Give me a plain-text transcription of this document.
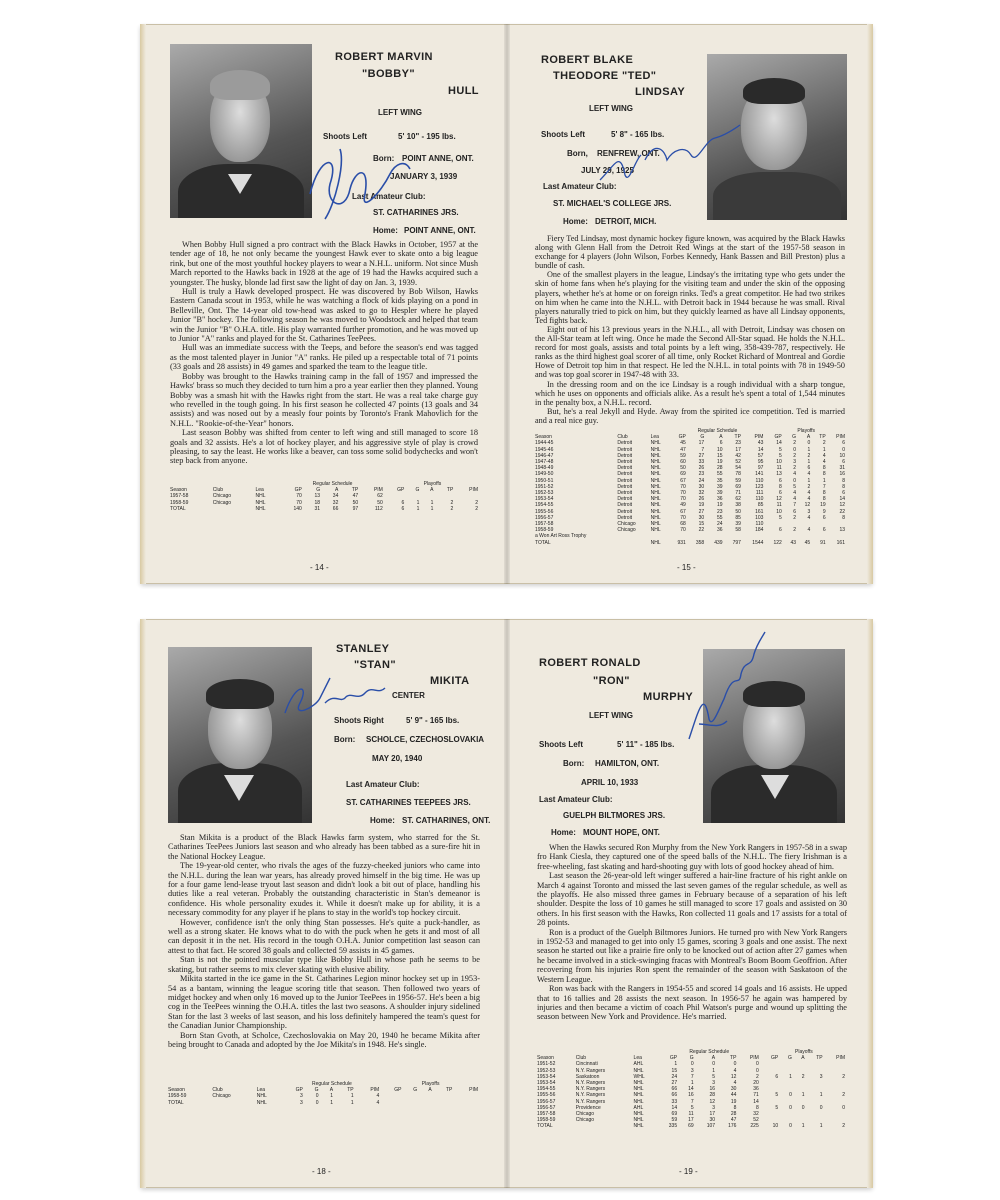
ROBERT MARVIN
"BOBBY"
HULL
LEFT WING
Shoots Left	5' 10" - 195 lbs.
Born: POINT ANNE, ONT.
JANUARY 3, 1939
Last Amateur Club:
ST. CATHARINES JRS.
Home: POINT ANNE, ONT.

When Bobby Hull signed a pro contract with the Black Hawks in October, 1957 at the tender age of 18, he not only became the youngest Hawk ever to skate onto a big league rink, but one of the most youthful hockey players to wear a N.H.L. uniform. Not since Mush March reported to the Hawks back in 1928 at the age of 19 had the Hawks acquired such a youngster. The husky, blonde lad first saw the light of day on Jan. 3, 1939.

Hull is truly a Hawk developed prospect. He was discovered by Bob Wilson, Hawks Eastern Canada scout in 1953, while he was watching a flock of kids playing on a pond in Belleville, Ont. The 14-year old tow-head was asked to go to Hespler where he played Junior "B" hockey. The following season he was moved to Woodstock and helped that team win the Junior "B" O.H.A. title. His play warranted further promotion, and he was moved up to Junior "A" ranks and played for the St. Catharines TeePees.

Hull was an immediate success with the Teeps, and before the season's end was tagged as the most talented player in Junior "A" ranks. He piled up a respectable total of 71 points (33 goals and 28 assists) in 49 games and sparked the team to the league title.

Bobby was brought to the Hawks training camp in the fall of 1957 and impressed the Hawks' brass so much they decided to turn him a pro a year earlier then they planned. Young Bobby was a smash hit with the Hawks right from the start. He was a real take charge guy who revelled in the tough going. In his first season he collected 47 points (13 goals and 34 assists) and was nosed out by a measly four points by Toronto's Frank Mahovlich for the N.H.L. "Rookie-of-the-Year" honors.

Last season Bobby was shifted from center to left wing and still managed to score 18 goals and 32 assists. He's a lot of hockey player, and his aggressive style of play is crowd pleasing, to say the least. He works like a beaver, can toss some solid bodychecks and won't step back from anyone.

			Regular Schedule					Playoffs				
Season	Club	Lea	GP	G	A	TP	PIM	GP	G	A	TP	PIM
1957-58	Chicago	NHL	70	13	34	47	62					
1958-59	Chicago	NHL	70	18	32	50	50	6	1	1	2	2
TOTAL		NHL	140	31	66	97	112	6	1	1	2	2
- 14 -
ROBERT BLAKE
THEODORE "TED"
LINDSAY
LEFT WING
Shoots Left	5' 8" - 165 lbs.
Born, RENFREW, ONT.
JULY 29, 1925
Last Amateur Club:
ST. MICHAEL'S COLLEGE JRS.
Home: DETROIT, MICH.

Fiery Ted Lindsay, most dynamic hockey figure known, was acquired by the Black Hawks along with Glenn Hall from the Detroit Red Wings at the start of the 1957-58 season in exchange for 4 players (John Wilson, Forbes Kennedy, Hank Bassen and Bill Preston) plus a bundle of cash.

One of the smallest players in the league, Lindsay's the irritating type who gets under the skin of home fans when he's playing for the visiting team and under the skin of the opposing players, whether he's at home or on foreign rinks. Ted's a great competitor. He had two strikes on him when he came into the N.H.L. with Detroit back in 1944 because he was small. Rival players naturally tried to pick on him, but they quickly learned as have all Lindsay opponents, Ted fights back.

Eight out of his 13 previous years in the N.H.L., all with Detroit, Lindsay was chosen on the All-Star team at left wing. Once he made the Second All-Star squad. He holds the N.H.L. record for most goals, assists and total points by a left wing, 358-439-787, respectively. He ranks as the third highest goal scorer of all time, only Rocket Richard of Montreal and Gordie Howe of Detroit top him in that respect. He led the N.H.L. in total points with 78 in 1949-50 and was top goal scorer in 1947-48 with 33.

In the dressing room and on the ice Lindsay is a rough individual with a sharp tongue, which he uses on opponents and officials alike. As a result he's spent a total of 1,544 minutes in the penalty box, a N.H.L. record.

But, he's a real Jekyll and Hyde. Away from the spirited ice competition. Ted is married and a real nice guy.

			Regular Schedule					Playoffs				
Season	Club	Lea	GP	G	A	TP	PIM	GP	G	A	TP	PIM
1944-45	Detroit	NHL	45	17	6	23	43	14	2	0	2	6
1945-46	Detroit	NHL	47	7	10	17	14	5	0	1	1	0
1946-47	Detroit	NHL	59	27	15	42	57	5	2	2	4	10
1947-48	Detroit	NHL	60	33	19	52	95	10	3	1	4	6
1948-49	Detroit	NHL	50	26	28	54	97	11	2	6	8	31
1949-50	Detroit	NHL	69	23	55	78	141	13	4	4	8	16
1950-51	Detroit	NHL	67	24	35	59	110	6	0	1	1	8
1951-52	Detroit	NHL	70	30	39	69	123	8	5	2	7	8
1952-53	Detroit	NHL	70	32	39	71	111	6	4	4	8	6
1953-54	Detroit	NHL	70	26	36	62	110	12	4	4	8	14
1954-55	Detroit	NHL	49	19	19	38	85	11	7	12	19	12
1955-56	Detroit	NHL	67	27	23	50	161	10	6	3	9	22
1956-57	Detroit	NHL	70	30	55	85	103	5	2	4	6	8
1957-58	Chicago	NHL	68	15	24	39	110					
1958-59	Chicago	NHL	70	22	36	58	184	6	2	4	6	13
a Won Art Ross Trophy												
TOTAL		NHL	931	358	439	797	1544	122	43	45	91	161
- 15 -
STANLEY
"STAN"
MIKITA
CENTER
Shoots Right	5' 9" - 165 lbs.
Born: SCHOLCE, CZECHOSLOVAKIA
MAY 20, 1940
Last Amateur Club:
ST. CATHARINES TEEPEES JRS.
Home: ST. CATHARINES, ONT.

Stan Mikita is a product of the Black Hawks farm system, who starred for the St. Catharines TeePees Juniors last season and who already has been tabbed as a sure-fire hit in the National Hockey League.

The 19-year-old center, who rivals the ages of the fuzzy-cheeked juniors who came into the N.H.L. during the lean war years, has already proved himself in the big time. He was up for a four game lend-lease tryout last season and didn't look a bit out of place, handling his duties like a real veteran. Probably the outstanding characteristic in Stan's demeanor is confidence. His whole personality exudes it. While it doesn't make up for ability, it is a necessary commodity for any player if he plans to stay in the world's top hockey circuit.

However, confidence isn't the only thing Stan possesses. He's quite a puck-handler, as well as a strong skater. He knows what to do with the puck when he gets it and most of all can deposit it in the net. His record in the tough O.H.A. Junior competition last season can attest to that fact. He scored 38 goals and collected 59 assists in 45 games.

Stan is not the pointed muscular type like Bobby Hull in whose path he seems to be skating, but rather seems to mix clever skating with elusive ability.

Mikita started in the ice game in the St. Catharines Legion minor hockey set up in 1953-54 as a bantam, winning the league scoring title that season. Then followed two years of midget hockey and when only 16 moved up to the Junior TeePees in 1956-57. He's been a big cog in the TeePees winning the O.H.A. titles the last two seasons. A shoulder injury sidelined Stan for the last 3 weeks of last season, and his loss definitely hampered the team's quest for the Canadian Junior Championship.

Born Stan Gvoth, at Scholce, Czechoslovakia on May 20, 1940 he became Mikita after being brought to Canada and adopted by the Joe Mikita's in 1948. He's single.

			Regular Schedule					Playoffs				
Season	Club	Lea	GP	G	A	TP	PIM	GP	G	A	TP	PIM
1958-59	Chicago	NHL	3	0	1	1	4					
TOTAL		NHL	3	0	1	1	4					
- 18 -
ROBERT RONALD
"RON"
MURPHY
LEFT WING
Shoots Left	5' 11" - 185 lbs.
Born: HAMILTON, ONT.
APRIL 10, 1933
Last Amateur Club:
GUELPH BILTMORES JRS.
Home: MOUNT HOPE, ONT.

When the Hawks secured Ron Murphy from the New York Rangers in 1957-58 in a swap fro Hank Ciesla, they captured one of the speed balls of the N.H.L. The fiery Irishman is a free-wheeling, fast skating and hard-shooting guy with lots of good hockey ahead of him.

Last season the 26-year-old left winger suffered a hair-line fracture of his right ankle on March 4 against Toronto and missed the last seven games of the regular schedule, as well as the playoffs. He also missed three games in February because of a separation of his left shoulder. Despite the loss of 10 games he still managed to score 17 goals and assisted on 30 others. In his first season with the Hawks, Ron collected 11 goals and 17 assists for a total of 28 points.

Ron is a product of the Guelph Biltmores Juniors. He turned pro with New York Rangers in 1952-53 and managed to get into only 15 games, scoring 3 goals and one assist. The next season he started out like a prairie fire only to be knocked out of action after 27 games when he became involved in a stick-swinging fracas with Montreal's Boom Boom Geoffrion. After recovering from his injuries Ron spent the remainder of the season with Saskatoon of the Western League.

Ron was back with the Rangers in 1954-55 and scored 14 goals and 16 assists. He upped that to 16 tallies and 28 assists the next season. In 1956-57 he again was hampered by injuries and then became a victim of coach Phil Watson's purge and wound up splitting the season between New York and Providence. He's married.

			Regular Schedule					Playoffs				
Season	Club	Lea	GP	G	A	TP	PIM	GP	G	A	TP	PIM
1951-52	Cincinnati	AHL	1	0	0	0	0					
1952-53	N.Y. Rangers	NHL	15	3	1	4	0					
1953-54	Saskatoon	WHL	24	7	5	12	2	6	1	2	3	2
1953-54	N.Y. Rangers	NHL	27	1	3	4	20					
1954-55	N.Y. Rangers	NHL	66	14	16	30	36					
1955-56	N.Y. Rangers	NHL	66	16	28	44	71	5	0	1	1	2
1956-57	N.Y. Rangers	NHL	33	7	12	19	14					
1956-57	Providence	AHL	14	5	3	8	8	5	0	0	0	0
1957-58	Chicago	NHL	69	11	17	28	32					
1958-59	Chicago	NHL	59	17	30	47	52					
TOTAL		NHL	335	69	107	176	225	10	0	1	1	2
- 19 -
